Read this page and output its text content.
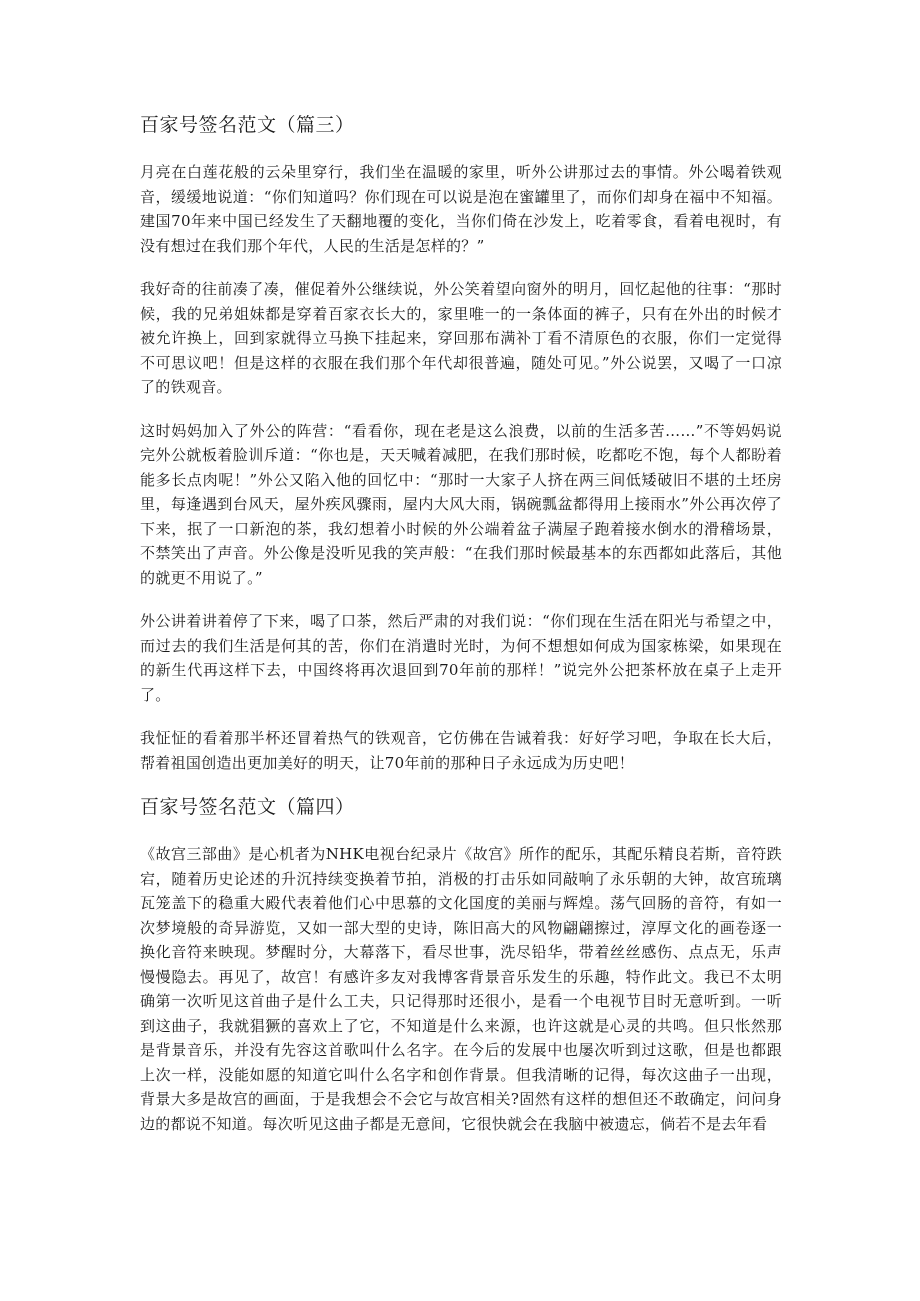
百家号签名范文（篇三）

月亮在白莲花般的云朵里穿行，我们坐在温暖的家里，听外公讲那过去的事情。外公喝着铁观音，缓缓地说道：“你们知道吗？你们现在可以说是泡在蜜罐里了，而你们却身在福中不知福。建国70年来中国已经发生了天翻地覆的变化，当你们倚在沙发上，吃着零食，看着电视时，有没有想过在我们那个年代，人民的生活是怎样的？”

我好奇的往前凑了凑，催促着外公继续说，外公笑着望向窗外的明月，回忆起他的往事：“那时候，我的兄弟姐妹都是穿着百家衣长大的，家里唯一的一条体面的裤子，只有在外出的时候才被允许换上，回到家就得立马换下挂起来，穿回那布满补丁看不清原色的衣服，你们一定觉得不可思议吧！但是这样的衣服在我们那个年代却很普遍，随处可见。”外公说罢，又喝了一口凉了的铁观音。

这时妈妈加入了外公的阵营：“看看你，现在老是这么浪费，以前的生活多苦……”不等妈妈说完外公就板着脸训斥道：“你也是，天天喊着减肥，在我们那时候，吃都吃不饱，每个人都盼着能多长点肉呢！”外公又陷入他的回忆中：“那时一大家子人挤在两三间低矮破旧不堪的土坯房里，每逢遇到台风天，屋外疾风骤雨，屋内大风大雨，锅碗瓢盆都得用上接雨水”外公再次停了下来，抿了一口新泡的茶，我幻想着小时候的外公端着盆子满屋子跑着接水倒水的滑稽场景，不禁笑出了声音。外公像是没听见我的笑声般：“在我们那时候最基本的东西都如此落后，其他的就更不用说了。”

外公讲着讲着停了下来，喝了口茶，然后严肃的对我们说：“你们现在生活在阳光与希望之中，而过去的我们生活是何其的苦，你们在消遣时光时，为何不想想如何成为国家栋梁，如果现在的新生代再这样下去，中国终将再次退回到70年前的那样！”说完外公把茶杯放在桌子上走开了。

我怔怔的看着那半杯还冒着热气的铁观音，它仿佛在告诫着我：好好学习吧，争取在长大后，帮着祖国创造出更加美好的明天，让70年前的那种日子永远成为历史吧！

百家号签名范文（篇四）

《故宫三部曲》是心机者为NHK电视台纪录片《故宫》所作的配乐，其配乐精良若斯，音符跌宕，随着历史论述的升沉持续变换着节拍，消极的打击乐如同敲响了永乐朝的大钟，故宫琉璃瓦笼盖下的稳重大殿代表着他们心中思慕的文化国度的美丽与辉煌。荡气回肠的音符，有如一次梦境般的奇异游览，又如一部大型的史诗，陈旧高大的风物翩翩擦过，淳厚文化的画卷逐一换化音符来映现。梦醒时分，大幕落下，看尽世事，洗尽铅华，带着丝丝感伤、点点无，乐声慢慢隐去。再见了，故宫！有感许多友对我博客背景音乐发生的乐趣，特作此文。我已不太明确第一次听见这首曲子是什么工夫，只记得那时还很小，是看一个电视节目时无意听到。一听到这曲子，我就猖獗的喜欢上了它，不知道是什么来源，也许这就是心灵的共鸣。但只怅然那是背景音乐，并没有先容这首歌叫什么名字。在今后的发展中也屡次听到过这歌，但是也都跟上次一样，没能如愿的知道它叫什么名字和创作背景。但我清晰的记得，每次这曲子一出现，背景大多是故宫的画面，于是我想会不会它与故宫相关?固然有这样的想但还不敢确定，问问身边的都说不知道。每次听见这曲子都是无意间，它很快就会在我脑中被遗忘，倘若不是去年看
